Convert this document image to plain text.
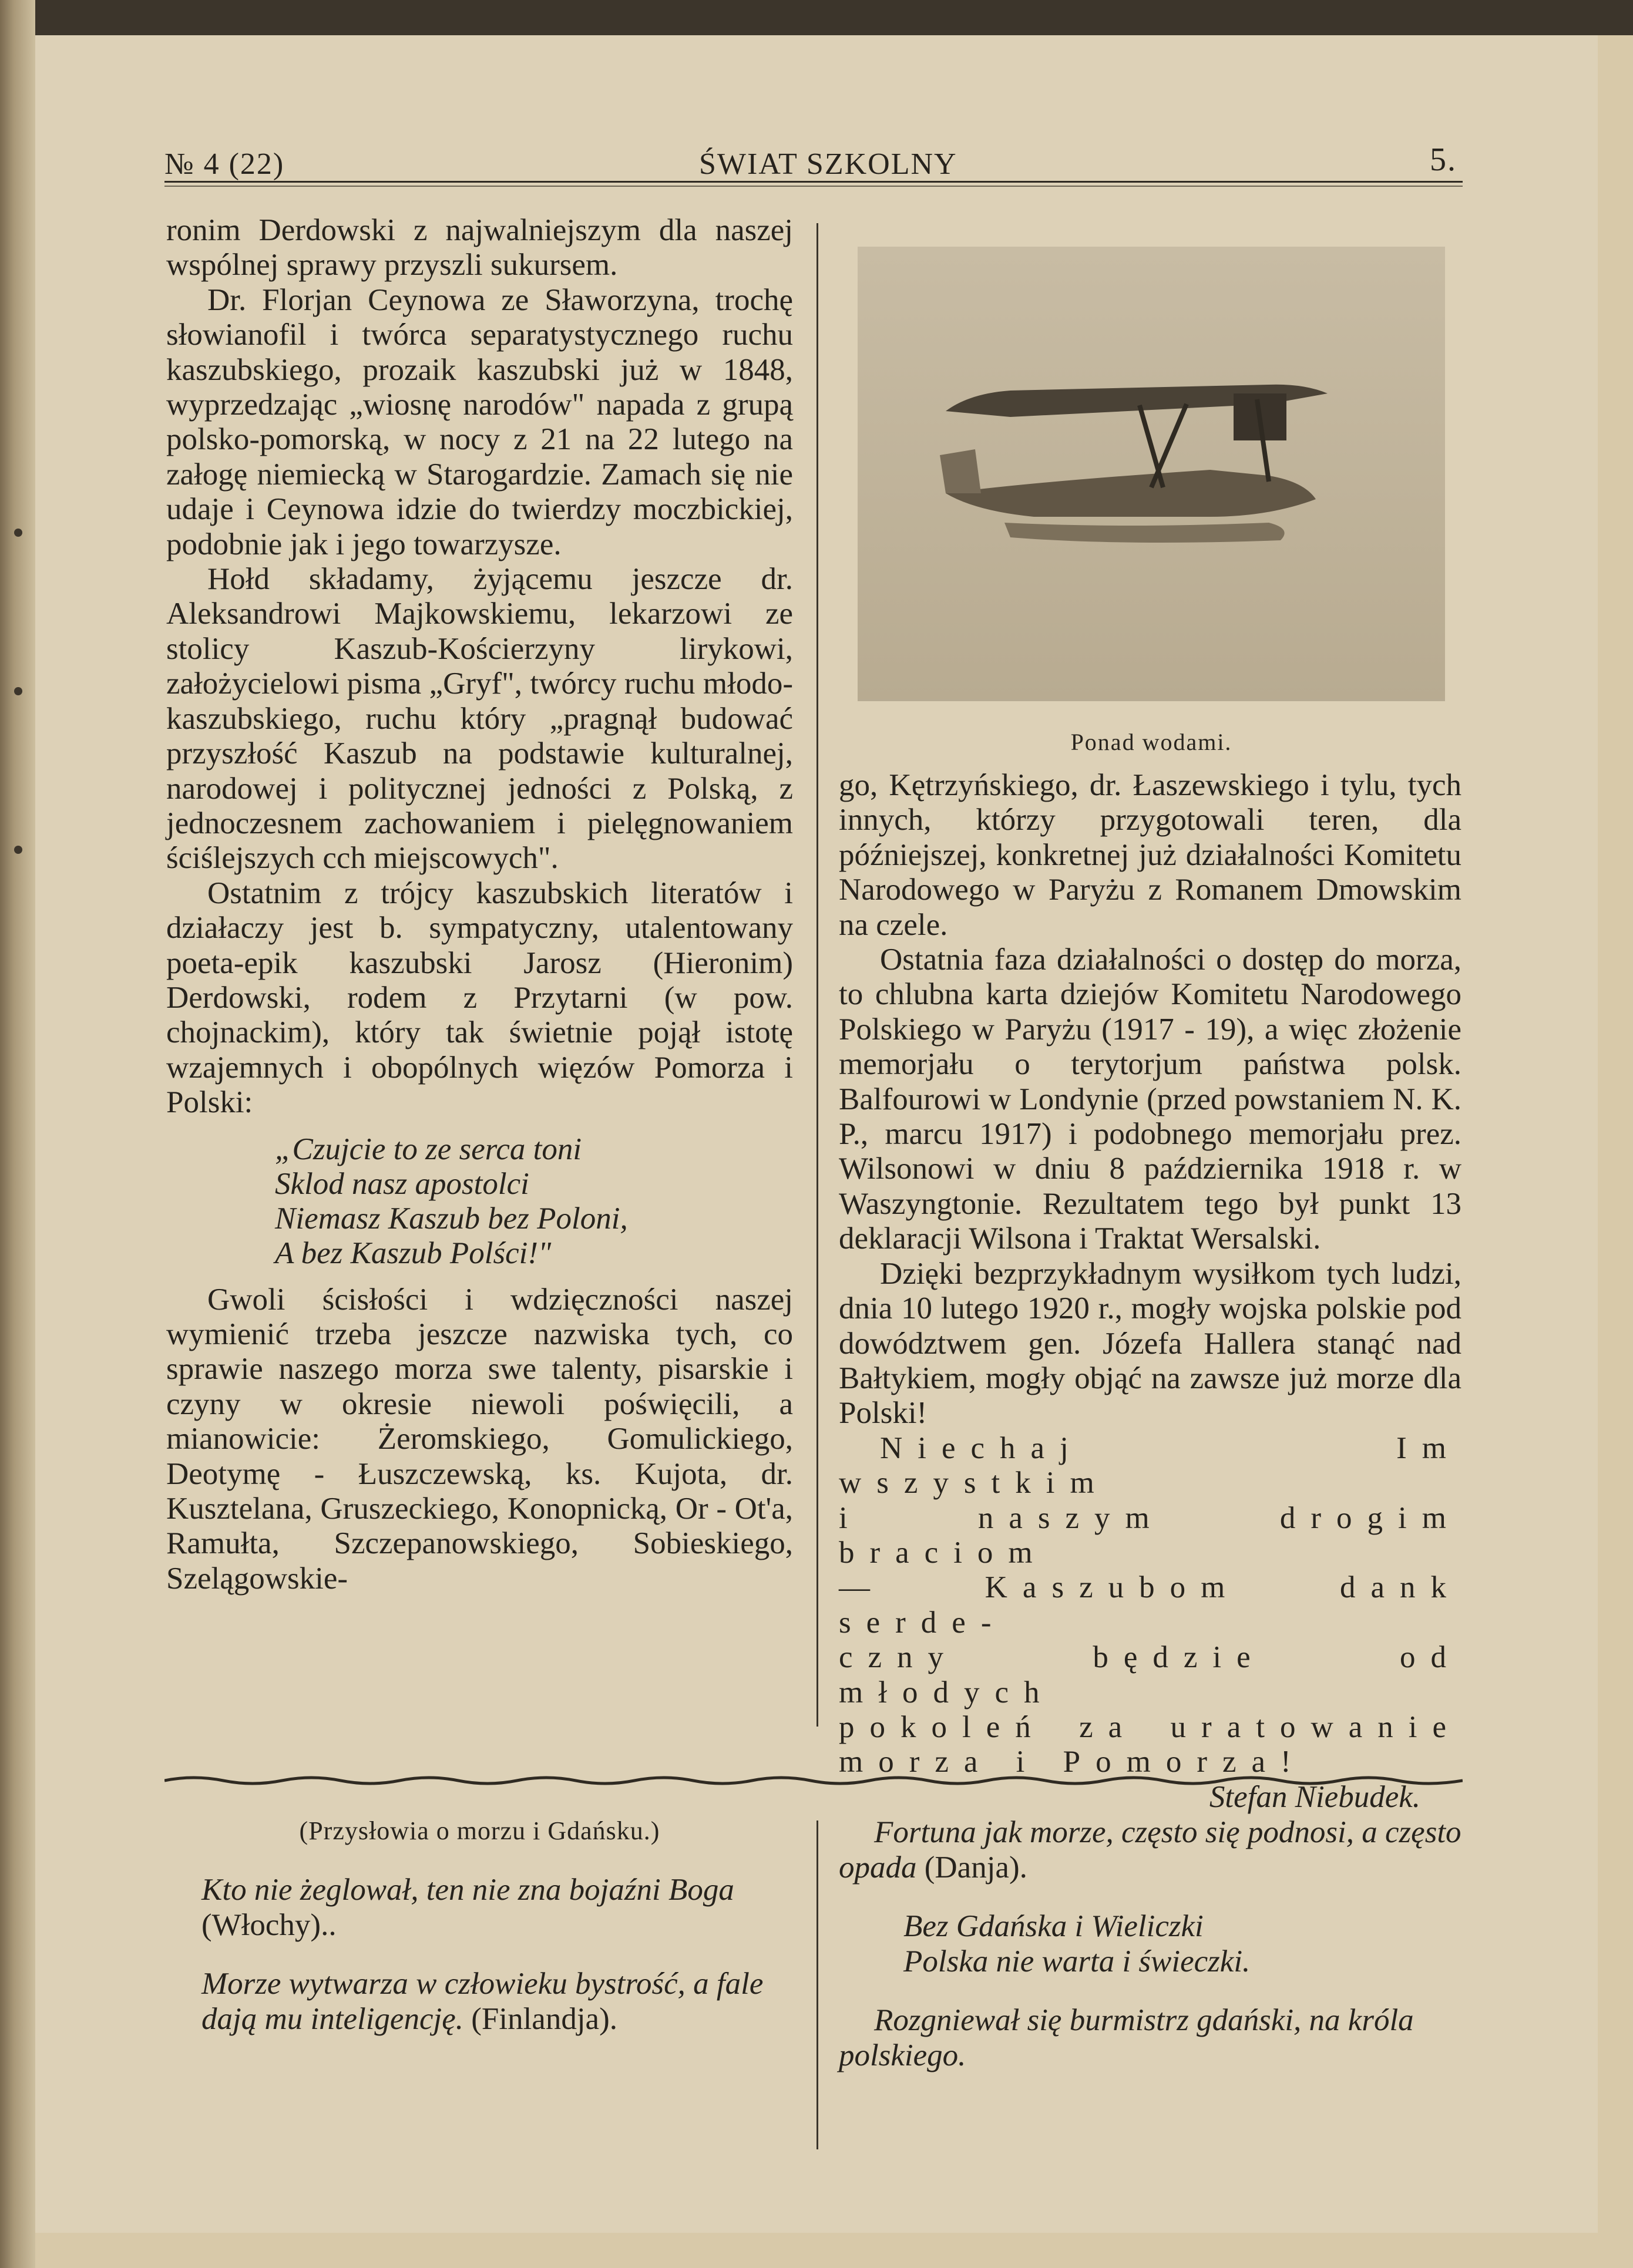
№ 4 (22)	ŚWIAT SZKOLNY	5.

ronim Derdowski z najwalniejszym dla naszej wspólnej sprawy przyszli sukursem.

Dr. Florjan Ceynowa ze Sławorzyna, trochę słowianofil i twórca separatystycznego ruchu kaszubskiego, prozaik kaszubski już w 1848, wyprzedzając „wiosnę narodów" napada z grupą polsko-pomorską, w nocy z 21 na 22 lutego na załogę niemiecką w Starogardzie. Zamach się nie udaje i Ceynowa idzie do twierdzy moczbickiej, podobnie jak i jego towarzysze.

Hołd składamy, żyjącemu jeszcze dr. Aleksandrowi Majkowskiemu, lekarzowi ze stolicy Kaszub-Kościerzyny lirykowi, założycielowi pisma „Gryf", twórcy ruchu młodo-kaszubskiego, ruchu który „pragnął budować przyszłość Kaszub na podstawie kulturalnej, narodowej i politycznej jedności z Polską, z jednoczesnem zachowaniem i pielęgnowaniem ściślejszych cch miejscowych".

Ostatnim z trójcy kaszubskich literatów i działaczy jest b. sympatyczny, utalentowany poeta-epik kaszubski Jarosz (Hieronim) Derdowski, rodem z Przytarni (w pow. chojnackim), który tak świetnie pojął istotę wzajemnych i obopólnych więzów Pomorza i Polski:

„Czujcie to ze serca toni
Sklod nasz apostolci
Niemasz Kaszub bez Poloni,
A bez Kaszub Polści!"

Gwoli ścisłości i wdzięczności naszej wymienić trzeba jeszcze nazwiska tych, co sprawie naszego morza swe talenty, pisarskie i czyny w okresie niewoli poświęcili, a mianowicie: Żeromskiego, Gomulickiego, Deotymę - Łuszczewską, ks. Kujota, dr. Kusztelana, Gruszeckiego, Konopnicką, Or - Ot'a, Ramułta, Szczepanowskiego, Sobieskiego, Szelągowskie-

Ponad wodami.

go, Kętrzyńskiego, dr. Łaszewskiego i tylu, tych innych, którzy przygotowali teren, dla późniejszej, konkretnej już działalności Komitetu Narodowego w Paryżu z Romanem Dmowskim na czele.

Ostatnia faza działalności o dostęp do morza, to chlubna karta dziejów Komitetu Narodowego Polskiego w Paryżu (1917 - 19), a więc złożenie memorjału o terytorjum państwa polsk. Balfourowi w Londynie (przed powstaniem N. K. P., marcu 1917) i podobnego memorjału prez. Wilsonowi w dniu 8 października 1918 r. w Waszyngtonie. Rezultatem tego był punkt 13 deklaracji Wilsona i Traktat Wersalski.

Dzięki bezprzykładnym wysiłkom tych ludzi, dnia 10 lutego 1920 r., mogły wojska polskie pod dowództwem gen. Józefa Hallera stanąć nad Bałtykiem, mogły objąć na zawsze już morze dla Polski!

Niechaj Im wszystkim

i naszym drogim braciom

— Kaszubom dank serde-

czny będzie od młodych

pokoleń za uratowanie

morza i Pomorza!

Stefan Niebudek.

(Przysłowia o morzu i Gdańsku.)

Kto nie żeglował, ten nie zna bojaźni Boga (Włochy)..

Morze wytwarza w człowieku bystrość, a fale dają mu inteligencję. (Finlandja).

Fortuna jak morze, często się podnosi, a często opada (Danja).

Bez Gdańska i Wieliczki
Polska nie warta i świeczki.

Rozgniewał się burmistrz gdański, na króla polskiego.
